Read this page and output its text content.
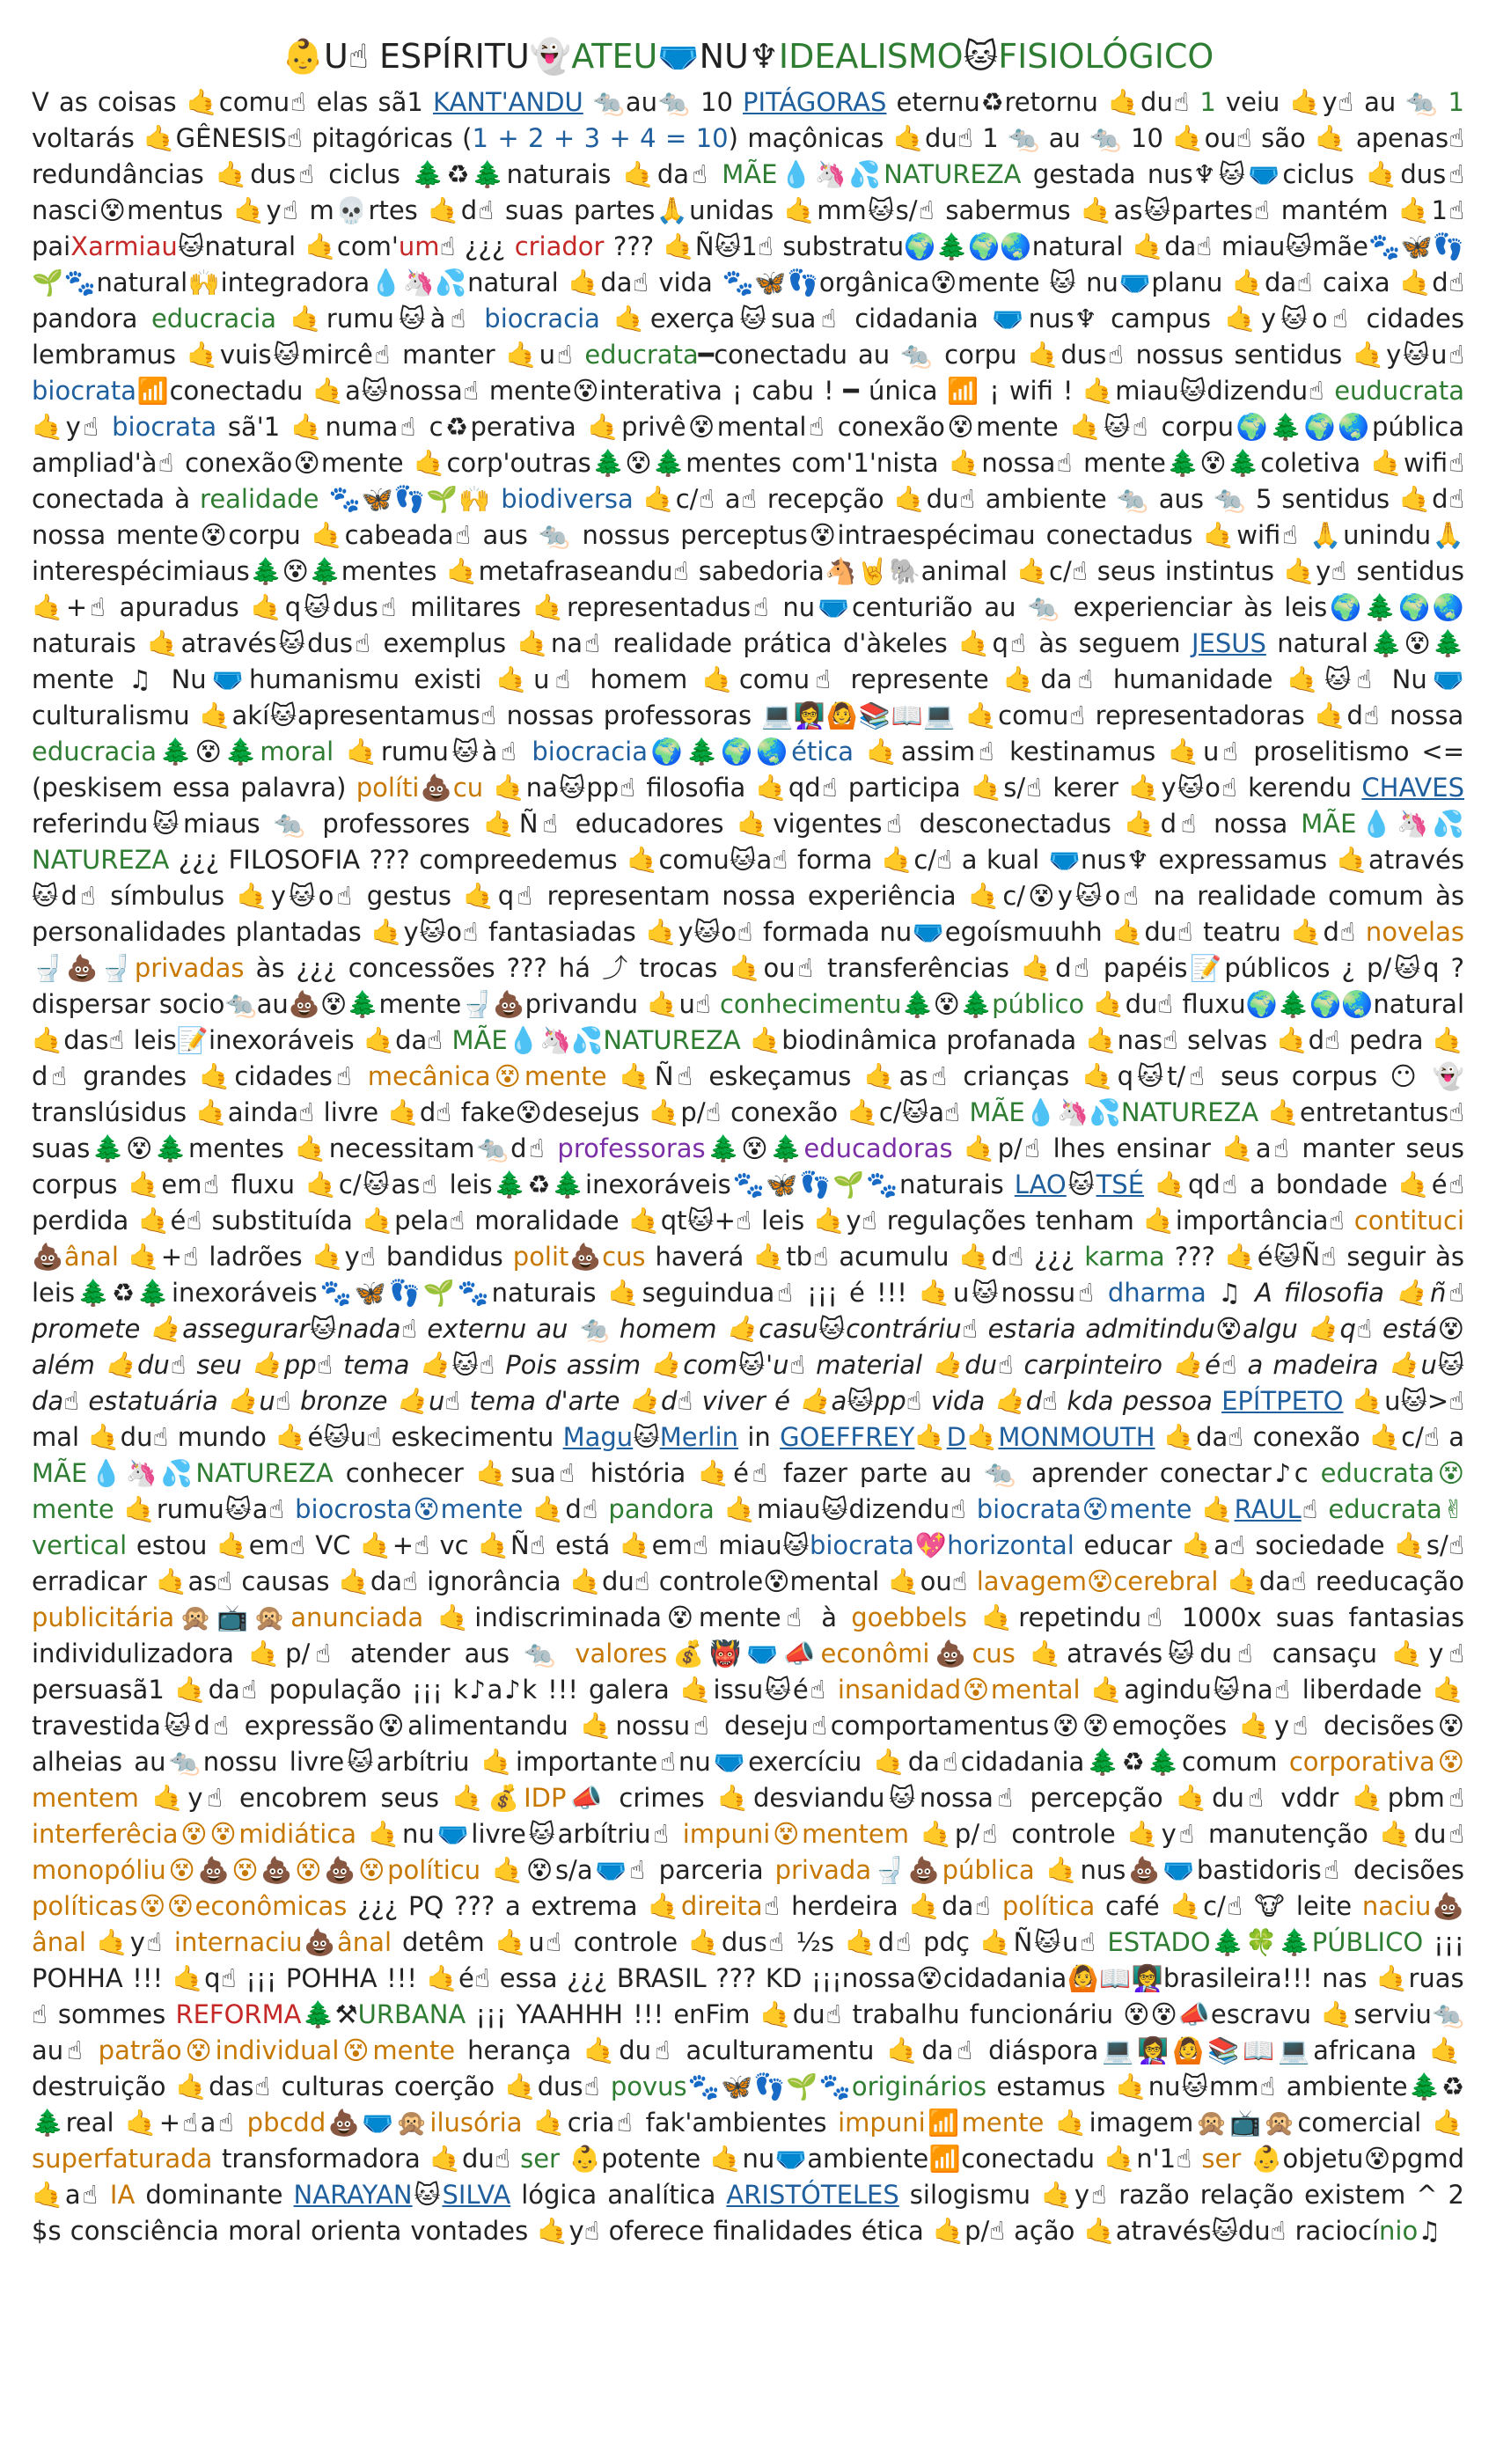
👶U☝ ESPÍRITU👻ATEU🩲NU♆IDEALISMO🐱FISIOLÓGICO

V as coisas 🤙comu☝ elas sã1 KANT'ANDU 🐀au🐀 10 PITÁGORAS eternu♻retornu 🤙du☝ 1 veiu 🤙y☝ au 🐀 1 voltarás 🤙GÊNESIS☝ pitagóricas (1 + 2 + 3 + 4 = 10) maçônicas 🤙du☝ 1 🐀 au 🐀 10 🤙ou☝ são 🤙 apenas☝ redundâncias 🤙dus☝ ciclus 🌲♻🌲naturais 🤙da☝ MÃE💧🦄💦NATUREZA gestada nus♆🐱🩲ciclus 🤙dus☝ nasci😵mentus 🤙y☝ m💀rtes 🤙d☝ suas partes🙏unidas 🤙mm🐱s/☝ sabermus 🤙as🐱partes☝ mantém 🤙1☝ paiXarmiau🐱natural 🤙com'um☝ ¿¿¿ criador ??? 🤙Ñ🐱1☝ substratu🌍🌲🌍🌏natural 🤙da☝ miau🐱mãe🐾🦋👣🌱🐾natural🙌integradora💧🦄💦natural 🤙da☝ vida 🐾🦋👣orgânica😵mente 🐱 nu🩲planu 🤙da☝ caixa 🤙d☝ pandora educracia 🤙rumu🐱à☝ biocracia 🤙exerça🐱sua☝ cidadania 🩲nus♆ campus 🤙y🐱o☝ cidades lembramus 🤙vuis🐱mircê☝ manter 🤙u☝ educrata━conectadu au 🐀 corpu 🤙dus☝ nossus sentidus 🤙y🐱u☝ biocrata📶conectadu 🤙a🐱nossa☝ mente😵interativa ¡ cabu ! ━ única 📶 ¡ wifi ! 🤙miau🐱dizendu☝ euducrata 🤙y☝ biocrata sã'1 🤙numa☝ c♻perativa 🤙privê😵mental☝ conexão😵mente 🤙🐱☝ corpu🌍🌲🌍🌏pública ampliad'à☝ conexão😵mente 🤙corp'outras🌲😵🌲mentes com'1'nista 🤙nossa☝ mente🌲😵🌲coletiva 🤙wifi☝ conectada à realidade 🐾🦋👣🌱🙌 biodiversa 🤙c/☝ a☝ recepção 🤙du☝ ambiente 🐀 aus 🐀 5 sentidus 🤙d☝ nossa mente😵corpu 🤙cabeada☝ aus 🐀 nossus perceptus😵intraespécimau conectadus 🤙wifi☝ 🙏unindu🙏 interespécimiaus🌲😵🌲mentes 🤙metafraseandu☝ sabedoria🐴🤘🐘animal 🤙c/☝ seus instintus 🤙y☝ sentidus 🤙+☝ apuradus 🤙q🐱dus☝ militares 🤙representadus☝ nu🩲centurião au 🐀 experienciar às leis🌍🌲🌍🌏naturais 🤙através🐱dus☝ exemplus 🤙na☝ realidade prática d'àkeles 🤙q☝ às seguem JESUS natural🌲😵🌲mente ♫ Nu🩲humanismu existi 🤙u☝ homem 🤙comu☝ represente 🤙da☝ humanidade 🤙🐱☝ Nu🩲culturalismu 🤙akí🐱apresentamus☝ nossas professoras 💻👩‍🏫🙆📚📖💻 🤙comu☝ representadoras 🤙d☝ nossa educracia🌲😵🌲moral 🤙rumu🐱à☝ biocracia🌍🌲🌍🌏ética 🤙assim☝ kestinamus 🤙u☝ proselitismo <=(peskisem essa palavra) políti💩cu 🤙na🐱pp☝ filosofia 🤙qd☝ participa 🤙s/☝ kerer 🤙y🐱o☝ kerendu CHAVES referindu🐱miaus 🐀 professores 🤙Ñ☝ educadores 🤙vigentes☝ desconectadus 🤙d☝ nossa MÃE💧🦄💦NATUREZA ¿¿¿ FILOSOFIA ??? compreedemus 🤙comu🐱a☝ forma 🤙c/☝ a kual 🩲nus♆ expressamus 🤙através🐱d☝ símbulus 🤙y🐱o☝ gestus 🤙q☝ representam nossa experiência 🤙c/😵y🐱o☝ na realidade comum às personalidades plantadas 🤙y🐱o☝ fantasiadas 🤙y🐱o☝ formada nu🩲egoísmuuhh 🤙du☝ teatru 🤙d☝ novelas🚽💩🚽privadas às ¿¿¿ concessões ??? há ⤴ trocas 🤙ou☝ transferências 🤙d☝ papéis📝públicos ¿ p/🐱q ? dispersar socio🐀au💩😵🌲mente🚽💩privandu 🤙u☝ conhecimentu🌲😵🌲público 🤙du☝ fluxu🌍🌲🌍🌏natural 🤙das☝ leis📝inexoráveis 🤙da☝ MÃE💧🦄💦NATUREZA 🤙biodinâmica profanada 🤙nas☝ selvas 🤙d☝ pedra 🤙d☝ grandes 🤙cidades☝ mecânica😵mente 🤙Ñ☝ eskeçamus 🤙as☝ crianças 🤙q🐱t/☝ seus corpus 😶 👻 translúsidus 🤙ainda☝ livre 🤙d☝ fake😵desejus 🤙p/☝ conexão 🤙c/🐱a☝ MÃE💧🦄💦NATUREZA 🤙entretantus☝ suas🌲😵🌲mentes 🤙necessitam🐀d☝ professoras🌲😵🌲educadoras 🤙p/☝ lhes ensinar 🤙a☝ manter seus corpus 🤙em☝ fluxu 🤙c/🐱as☝ leis🌲♻🌲inexoráveis🐾🦋👣🌱🐾naturais LAO🐱TSÉ 🤙qd☝ a bondade 🤙é☝ perdida 🤙é☝ substituída 🤙pela☝ moralidade 🤙qt🐱+☝ leis 🤙y☝ regulações tenham 🤙importância☝ contituci💩ânal 🤙+☝ ladrões 🤙y☝ bandidus polit💩cus haverá 🤙tb☝ acumulu 🤙d☝ ¿¿¿ karma ??? 🤙é🐱Ñ☝ seguir às leis🌲♻🌲inexoráveis🐾🦋👣🌱🐾naturais 🤙seguindua☝ ¡¡¡ é !!! 🤙u🐱nossu☝ dharma ♫ A filosofia 🤙ñ☝ promete 🤙assegurar🐱nada☝ externu au 🐀 homem 🤙casu🐱contráriu☝ estaria admitindu😵algu 🤙q☝ está😵além 🤙du☝ seu 🤙pp☝ tema 🤙🐱☝ Pois assim 🤙com🐱'u☝ material 🤙du☝ carpinteiro 🤙é☝ a madeira 🤙u🐱da☝ estatuária 🤙u☝ bronze 🤙u☝ tema d'arte 🤙d☝ viver é 🤙a🐱pp☝ vida 🤙d☝ kda pessoa EPÍTPETO 🤙u🐱>☝ mal 🤙du☝ mundo 🤙é🐱u☝ eskecimentu Magu🐱Merlin in GOEFFREY🤙D🤙MONMOUTH 🤙da☝ conexão 🤙c/☝ a MÃE💧🦄💦NATUREZA conhecer 🤙sua☝ história 🤙é☝ fazer parte au 🐀 aprender conectar♪c educrata😵mente 🤙rumu🐱a☝ biocrosta😵mente 🤙d☝ pandora 🤙miau🐱dizendu☝ biocrata😵mente 🤙RAUL☝ educrata✌vertical estou 🤙em☝ VC 🤙+☝ vc 🤙Ñ☝ está 🤙em☝ miau🐱biocrata💖horizontal educar 🤙a☝ sociedade 🤙s/☝ erradicar 🤙as☝ causas 🤙da☝ ignorância 🤙du☝ controle😵mental 🤙ou☝ lavagem😵cerebral 🤙da☝ reeducação publicitária🙊📺🙊anunciada 🤙indiscriminada😵mente☝ à goebbels 🤙repetindu☝ 1000x suas fantasias individulizadora 🤙p/☝ atender aus 🐀 valores💰👹🩲📣econômi💩cus 🤙através🐱du☝ cansaçu 🤙y☝ persuasã1 🤙da☝ população ¡¡¡ k♪a♪k !!! galera 🤙issu🐱é☝ insanidad😵mental 🤙agindu🐱na☝ liberdade 🤙travestida🐱d☝ expressão😵alimentandu 🤙nossu☝ deseju☝comportamentus😵😵emoções 🤙y☝ decisões😵alheias au🐀nossu livre🐱arbítriu 🤙importante☝nu🩲exercíciu 🤙da☝cidadania🌲♻🌲comum corporativa😵mentem 🤙y☝ encobrem seus 🤙💰IDP📣 crimes 🤙desviandu🐱nossa☝ percepção 🤙du☝ vddr 🤙pbm☝ interferêcia😵😵midiática 🤙nu🩲livre🐱arbítriu☝ impuni😵mentem 🤙p/☝ controle 🤙y☝ manutenção 🤙du☝ monopóliu😵💩😵💩😵💩😵políticu 🤙😵s/a🩲☝ parceria privada🚽💩pública 🤙nus💩🩲bastidoris☝ decisões políticas😵😵econômicas ¿¿¿ PQ ??? a extrema 🤙direita☝ herdeira 🤙da☝ política café 🤙c/☝ 🐮 leite naciu💩ânal 🤙y☝ internaciu💩ânal detêm 🤙u☝ controle 🤙dus☝ ½s 🤙d☝ pdç 🤙Ñ🐱u☝ ESTADO🌲🍀🌲PÚBLICO ¡¡¡ POHHA !!! 🤙q☝ ¡¡¡ POHHA !!! 🤙é☝ essa ¿¿¿ BRASIL ??? KD ¡¡¡nossa😵cidadania🙆📖👩‍🏫brasileira!!! nas 🤙ruas☝ sommes REFORMA🌲⚒URBANA ¡¡¡ YAAHHH !!! enFim 🤙du☝ trabalhu funcionáriu 😵😵📣escravu 🤙serviu🐀au☝ patrão😵individual😵mente herança 🤙du☝ aculturamentu 🤙da☝ diáspora💻👩‍🏫🙆📚📖💻africana 🤙destruição 🤙das☝ culturas coerção 🤙dus☝ povus🐾🦋👣🌱🐾originários estamus 🤙nu🐱mm☝ ambiente🌲♻🌲real 🤙+☝a☝ pbcdd💩🩲🙊ilusória 🤙cria☝ fak'ambientes impuni📶mente 🤙imagem🙊📺🙊comercial 🤙superfaturada transformadora 🤙du☝ ser 👶potente 🤙nu🩲ambiente📶conectadu 🤙n'1☝ ser 👶objetu😵pgmd 🤙a☝ IA dominante NARAYAN🐱SILVA lógica analítica ARISTÓTELES silogismu 🤙y☝ razão relação existem ^ 2 $s consciência moral orienta vontades 🤙y☝ oferece finalidades ética 🤙p/☝ ação 🤙através🐱du☝ raciocínio♫
